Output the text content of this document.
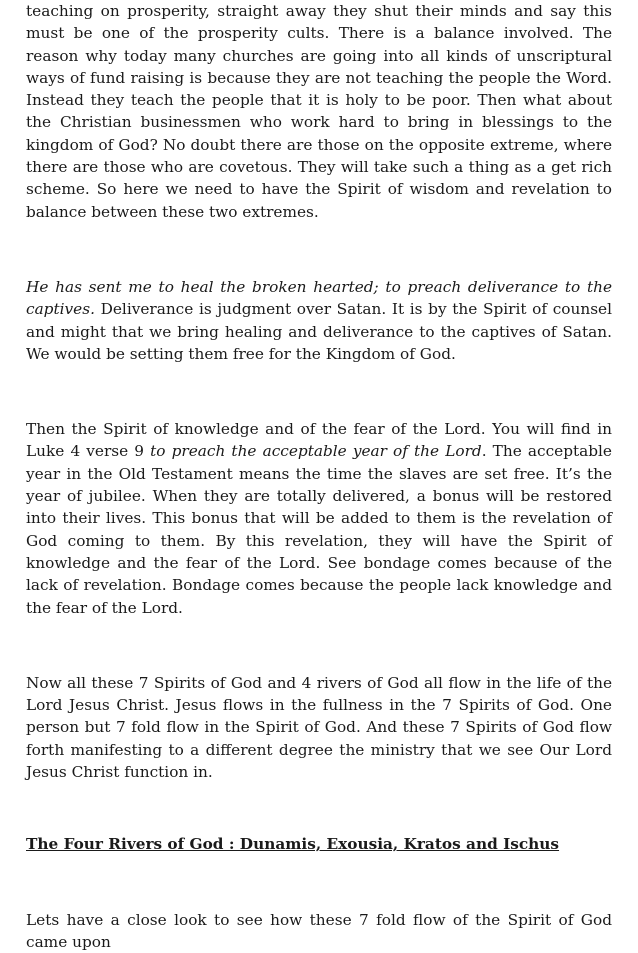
teaching on prosperity, straight away they shut their minds and say this must be one of the prosperity cults. There is a balance involved. The reason why today many churches are going into all kinds of unscriptural ways of fund raising is because they are not teaching the people the Word. Instead they teach the people that it is holy to be poor. Then what about the Christian businessmen who work hard to bring in blessings to the kingdom of God? No doubt there are those on the opposite extreme, where there are those who are covetous. They will take such a thing as a get rich scheme. So here we need to have the Spirit of wisdom and revelation to balance between these two extremes.

He has sent me to heal the broken hearted; to preach deliverance to the captives. Deliverance is judgment over Satan. It is by the Spirit of counsel and might that we bring healing and deliverance to the captives of Satan. We would be setting them free for the Kingdom of God.

Then the Spirit of knowledge and of the fear of the Lord. You will find in Luke 4 verse 9 to preach the acceptable year of the Lord. The acceptable year in the Old Testament means the time the slaves are set free. It’s the year of jubilee. When they are totally delivered, a bonus will be restored into their lives. This bonus that will be added to them is the revelation of God coming to them. By this revelation, they will have the Spirit of knowledge and the fear of the Lord. See bondage comes because of the lack of revelation. Bondage comes because the people lack knowledge and the fear of the Lord.

Now all these 7 Spirits of God and 4 rivers of God all flow in the life of the Lord Jesus Christ. Jesus flows in the fullness in the 7 Spirits of God. One person but 7 fold flow in the Spirit of God. And these 7 Spirits of God flow forth manifesting to a different degree the ministry that we see Our Lord Jesus Christ function in.

The Four Rivers of God : Dunamis, Exousia, Kratos and Ischus

Lets have a close look to see how these 7 fold flow of the Spirit of God came upon
